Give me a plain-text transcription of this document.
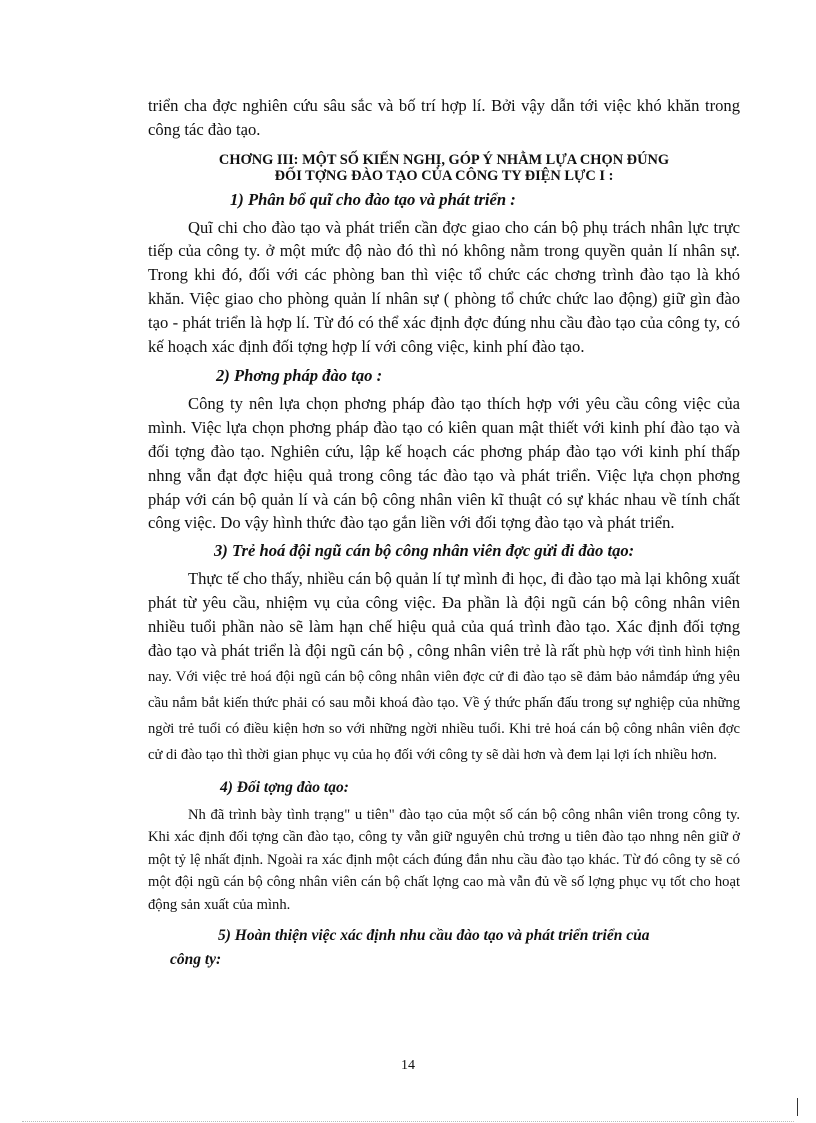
triển cha đợc nghiên cứu sâu sắc và bố trí hợp lí. Bởi vậy dẫn tới việc khó khăn trong công tác đào tạo.

CHƠNG III: MỘT SỐ KIẾN NGHỊ, GÓP Ý NHẰM LỰA CHỌN ĐÚNG
ĐỐI TỢNG ĐÀO TẠO CỦA CÔNG TY ĐIỆN LỰC I :
1) Phân bổ quĩ cho đào tạo và phát triển :

Quĩ chi cho đào tạo và phát triển cần đợc giao cho cán bộ phụ trách nhân lực trực tiếp của công ty. ở một mức độ nào đó thì nó không nằm trong quyền quản lí nhân sự. Trong khi đó, đối với các phòng ban thì việc tổ chức các chơng trình đào tạo là khó khăn. Việc giao cho phòng quản lí nhân sự ( phòng tổ chức chức lao động) giữ gìn đào tạo - phát triển là hợp lí. Từ đó có thể xác định đợc đúng nhu cầu đào tạo của công ty, có kế hoạch xác định đối tợng hợp lí với công việc, kinh phí đào tạo.

2) Phơng pháp đào tạo :

Công ty nên lựa chọn phơng pháp đào tạo thích hợp với yêu cầu công việc của mình. Việc lựa chọn phơng pháp đào tạo có kiên quan mật thiết với kinh phí đào tạo và đối tợng đào tạo. Nghiên cứu, lập kế hoạch các phơng pháp đào tạo với kinh phí thấp nhng vẫn đạt đợc hiệu quả trong công tác đào tạo và phát triển. Việc lựa chọn phơng pháp với cán bộ quản lí và cán bộ công nhân viên kĩ thuật có sự khác nhau về tính chất công việc. Do vậy hình thức đào tạo gắn liền với đối tợng đào tạo và phát triển.

3) Trẻ hoá đội ngũ cán bộ công nhân viên đợc gửi đi đào tạo:

Thực tế cho thấy, nhiều cán bộ quản lí tự mình đi học, đi đào tạo mà lại không xuất phát từ yêu cầu, nhiệm vụ của công việc. Đa phần là đội ngũ cán bộ công nhân viên nhiều tuổi phần nào sẽ làm hạn chế hiệu quả của quá trình đào tạo. Xác định đối tợng đào tạo và phát triển là đội ngũ cán bộ , công nhân viên trẻ là rất phù hợp với tình hình hiện nay. Với việc trẻ hoá đội ngũ cán bộ công nhân viên đợc cử đi đào tạo sẽ đảm bảo nắmđáp ứng yêu cầu nắm bắt kiến thức phải có sau mỗi khoá đào tạo. Về ý thức phấn đấu trong sự nghiệp của những ngời trẻ tuổi có điều kiện hơn so với những ngời nhiều tuổi. Khi trẻ hoá cán bộ công nhân viên đợc cử di đào tạo thì thời gian phục vụ của họ đối với công ty sẽ dài hơn và đem lại lợi ích nhiều hơn.

4) Đối tợng đào tạo:

Nh đã trình bày tình trạng" u tiên" đào tạo của một số cán bộ công nhân viên trong công ty. Khi xác định đối tợng cần đào tạo, công ty vẫn giữ nguyên chủ trơng u tiên đào tạo nhng nên giữ ở một tỷ lệ nhất định. Ngoài ra xác định một cách đúng đắn nhu cầu đào tạo khác. Từ đó công ty sẽ có một đội ngũ cán bộ công nhân viên cán bộ chất lợng cao mà vẫn đủ về số lợng phục vụ tốt cho hoạt động sản xuất của mình.

5) Hoàn thiện việc xác định nhu cầu đào tạo và phát triển triển của
công ty:
14
